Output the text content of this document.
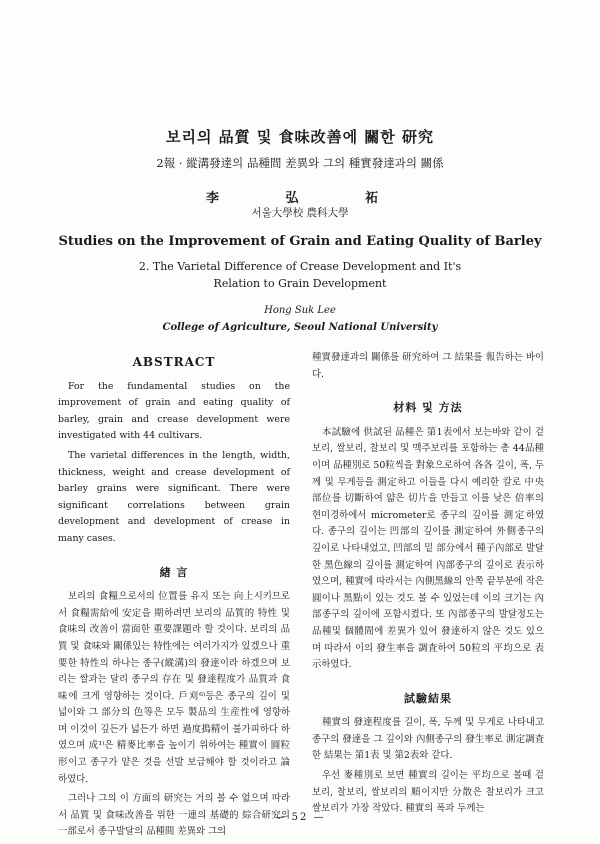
보리의 品質 및 食味改善에 關한 研究
2報 · 縱溝發達의 品種間 差異와 그의 種實發達과의 關係
李 弘 祏
서울大學校 農科大學
Studies on the Improvement of Grain and Eating Quality of Barley
2. The Varietal Difference of Crease Development and It's Relation to Grain Development
Hong Suk Lee
College of Agriculture, Seoul National University
ABSTRACT

For the fundamental studies on the improvement of grain and eating quality of barley, grain and crease development were investigated with 44 cultivars.

The varietal differences in the length, width, thickness, weight and crease development of barley grains were significant. There were significant correlations between grain development and development of crease in many cases.

緖 言

보리의 食糧으로서의 位置를 유지 또는 向上시키므로서 食糧需給에 安定을 期하려면 보리의 品質的 特性 및 食味의 改善이 當面한 重要課題라 할 것이다. 보리의 品質 및 食味와 關係있는 特性에는 여러가지가 있겠으나 重要한 特性의 하나는 종구(縱溝)의 發達이라 하겠으며 보리는 쌀과는 달리 종구의 存在 및 發達程度가 品質과 食味에 크게 영향하는 것이다. 戶刈⁶⁾등은 종구의 깊이 및 넓이와 그 部分의 色等은 모두 製品의 生産性에 영향하며 이것이 깊든가 넓든가 하면 過度搗精이 불가피하다 하였으며 成¹⁾은 精麥比率을 높이기 위하여는 種實이 圓粒形이고 종구가 얕은 것을 선발 보급해야 할 것이라고 論하였다.

그러나 그의 이 方面의 研究는 거의 볼 수 없으며 따라서 品質 및 食味改善을 위한 一連의 基礎的 綜合研究의 一部로서 종구발달의 品種間 差異와 그의

種實發達과의 關係를 研究하여 그 結果를 報告하는 바이다.

材料 및 方法

本試驗에 供試된 品種은 第1表에서 보는바와 같이 겉보리, 쌀보리, 찰보리 및 맥주보리를 포함하는 총 44品種이며 品種別로 50粒씩을 對象으로하여 各各 길이, 폭, 두께 및 무게등을 測定하고 이들을 다시 예리한 칼로 中央部位를 切斷하여 얇은 切片을 만들고 이를 낮은 倍率의 현미경하에서 micrometer로 종구의 깊이를 測定하였다. 종구의 깊이는 凹部의 깊이를 測定하여 外側종구의 깊이로 나타내었고, 凹部의 밑 部分에서 種子內部로 발달한 黑色線의 깊이를 測定하여 內部종구의 깊이로 表示하였으며, 種實에 따라서는 內側黑線의 안쪽 끝부분에 작은 圓이나 黑點이 있는 것도 볼 수 있었는데 이의 크기는 內部종구의 깊이에 포함시켰다. 또 內部종구의 발달정도는 品種및 個體間에 差異가 있어 發達하지 않은 것도 있으며 따라서 이의 發生率을 調査하여 50粒의 平均으로 表示하였다.

試驗結果

種實의 發達程度를 길이, 폭, 두께 및 무게로 나타내고 종구의 發達을 그 깊이와 內側종구의 發生率로 測定調査한 結果는 第1表 및 第2表와 같다.

우선 麥種別로 보면 種實의 길이는 平均으로 볼때 겉보리, 찰보리, 쌀보리의 順이지만 分散은 찰보리가 크고 쌀보리가 가장 작았다. 種實의 폭과 두께는

— 52 —
